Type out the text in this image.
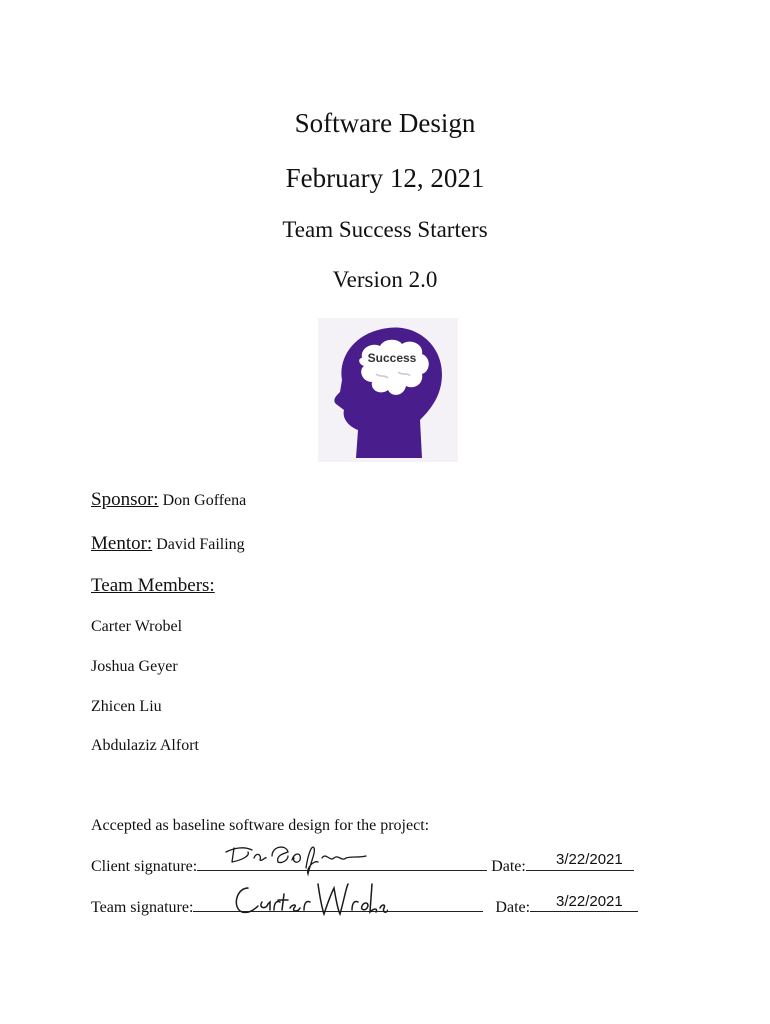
Software Design
February 12, 2021
Team Success Starters
Version 2.0
Success
Sponsor: Don Goffena
Mentor: David Failing
Team Members:
Carter Wrobel
Joshua Geyer
Zhicen Liu
Abdulaziz Alfort
Accepted as baseline software design for the project:
Client signature:	Date:	3/22/2021
Team signature:	Date:	3/22/2021
